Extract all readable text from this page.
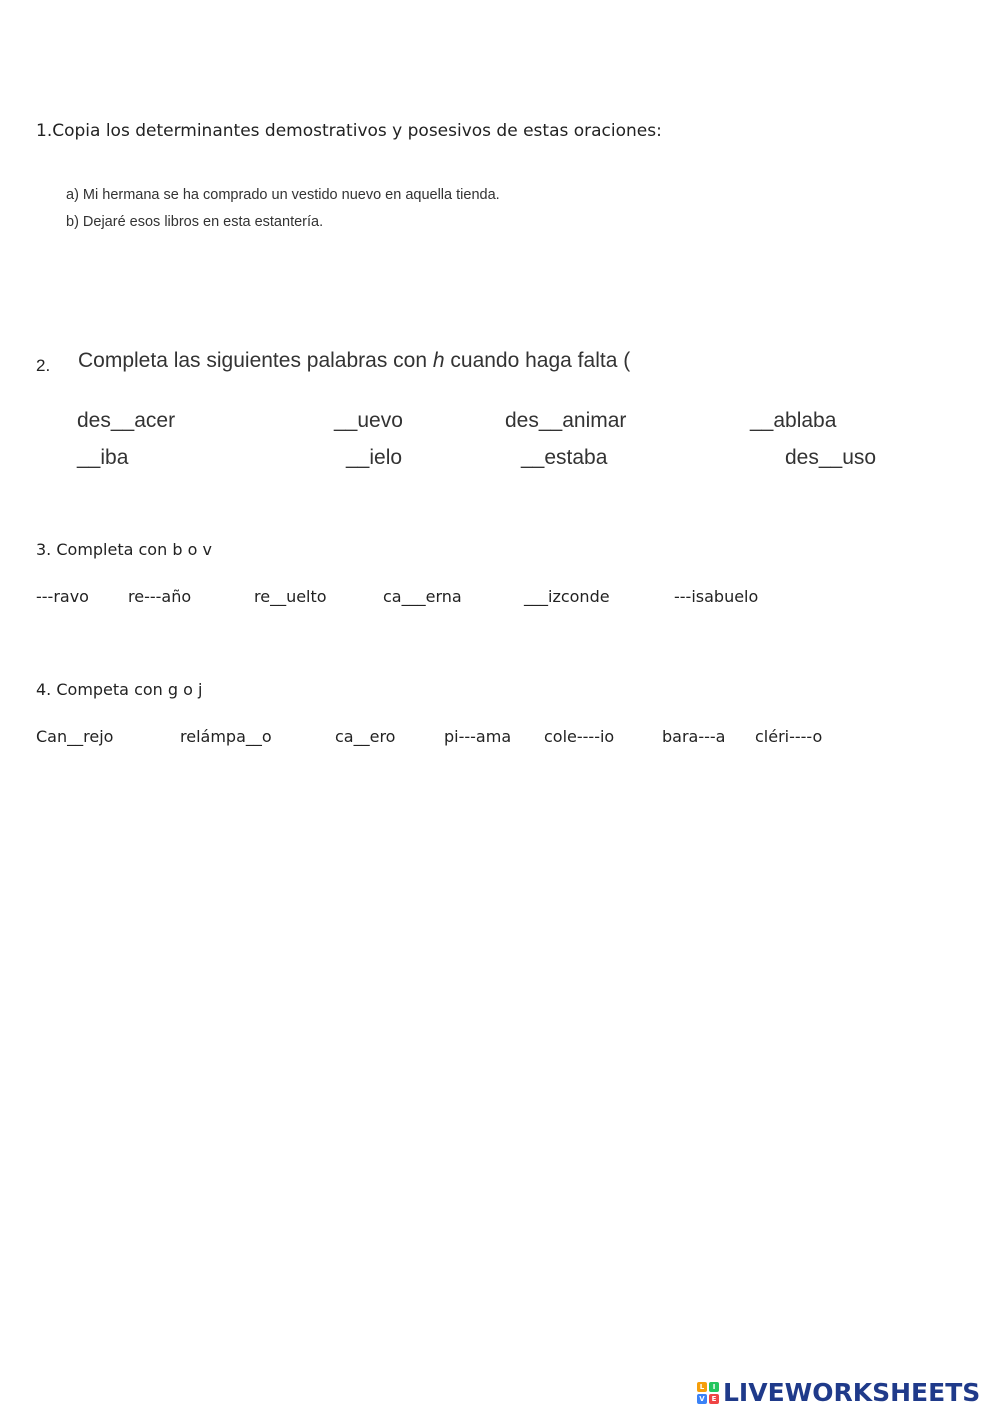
1.Copia los determinantes demostrativos y posesivos de estas oraciones:
a) Mi hermana se ha comprado un vestido nuevo en aquella tienda.
b) Dejaré esos libros en esta estantería.
2. Completa las siguientes palabras con h cuando haga falta (
des__acer	__uevo	des__animar	__ablaba
__iba	__ielo	__estaba	des__uso
3. Completa con b o v
---ravo re---año	re__uelto	ca___erna	___izconde	---isabuelo
4. Competa con g o j
Can__rejo	relámpa__o	ca__ero	pi---ama cole----io	bara---a cléri----o
L	I
V E LIVEWORKSHEETS
